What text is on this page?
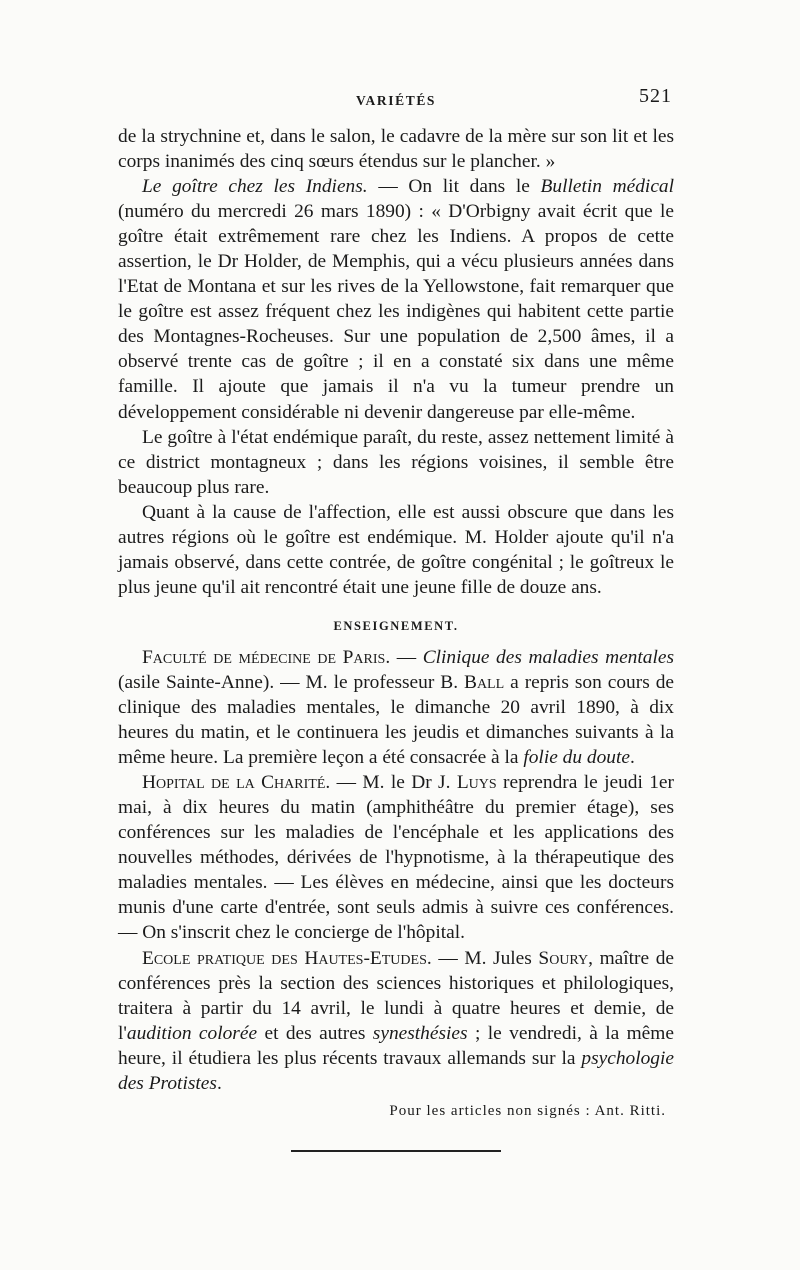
VARIÉTÉS	521

de la strychnine et, dans le salon, le cadavre de la mère sur son lit et les corps inanimés des cinq sœurs étendus sur le plancher. »

Le goître chez les Indiens. — On lit dans le Bulletin médical (numéro du mercredi 26 mars 1890) : « D'Orbigny avait écrit que le goître était extrêmement rare chez les Indiens. A propos de cette assertion, le Dr Holder, de Memphis, qui a vécu plusieurs années dans l'Etat de Montana et sur les rives de la Yellowstone, fait remarquer que le goître est assez fréquent chez les indigènes qui habitent cette partie des Montagnes-Rocheuses. Sur une population de 2,500 âmes, il a observé trente cas de goître ; il en a constaté six dans une même famille. Il ajoute que jamais il n'a vu la tumeur prendre un développement considérable ni devenir dangereuse par elle-même.

Le goître à l'état endémique paraît, du reste, assez nettement limité à ce district montagneux ; dans les régions voisines, il semble être beaucoup plus rare.

Quant à la cause de l'affection, elle est aussi obscure que dans les autres régions où le goître est endémique. M. Holder ajoute qu'il n'a jamais observé, dans cette contrée, de goître congénital ; le goîtreux le plus jeune qu'il ait rencontré était une jeune fille de douze ans.

ENSEIGNEMENT.

Faculté de médecine de Paris. — Clinique des maladies mentales (asile Sainte-Anne). — M. le professeur B. Ball a repris son cours de clinique des maladies mentales, le dimanche 20 avril 1890, à dix heures du matin, et le continuera les jeudis et dimanches suivants à la même heure. La première leçon a été consacrée à la folie du doute.

Hopital de la Charité. — M. le Dr J. Luys reprendra le jeudi 1er mai, à dix heures du matin (amphithéâtre du premier étage), ses conférences sur les maladies de l'encéphale et les applications des nouvelles méthodes, dérivées de l'hypnotisme, à la thérapeutique des maladies mentales. — Les élèves en médecine, ainsi que les docteurs munis d'une carte d'entrée, sont seuls admis à suivre ces conférences. — On s'inscrit chez le concierge de l'hôpital.

Ecole pratique des Hautes-Etudes. — M. Jules Soury, maître de conférences près la section des sciences historiques et philologiques, traitera à partir du 14 avril, le lundi à quatre heures et demie, de l'audition colorée et des autres synesthésies ; le vendredi, à la même heure, il étudiera les plus récents travaux allemands sur la psychologie des Protistes.

Pour les articles non signés : Ant. Ritti.
